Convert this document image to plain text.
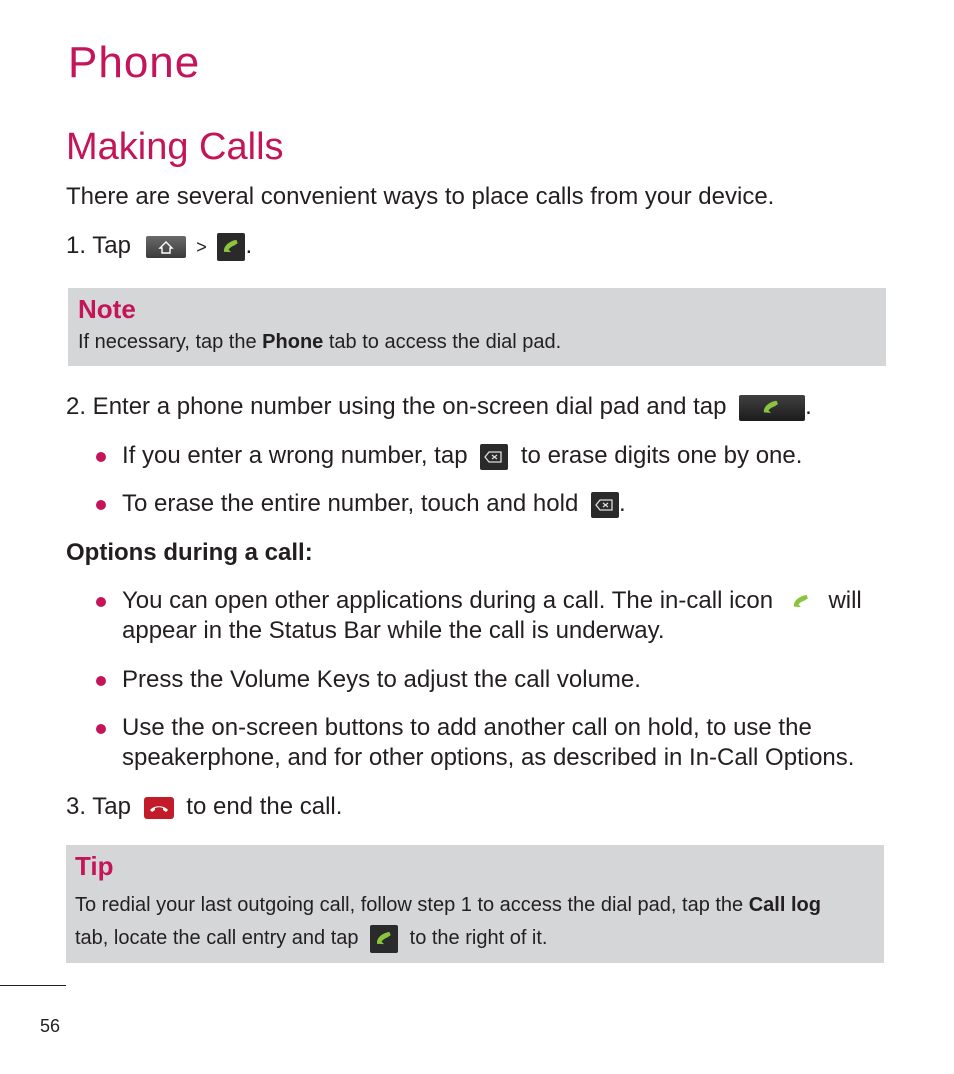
Phone
Making Calls
There are several convenient ways to place calls from your device.
1. Tap	> .
Note
If necessary, tap the Phone tab to access the dial pad.
2. Enter a phone number using the on-screen dial pad and tap	.
If you enter a wrong number, tap to erase digits one by one.
To erase the entire number, touch and hold .
Options during a call:
You can open other applications during a call. The in-call icon will
appear in the Status Bar while the call is underway.
Press the Volume Keys to adjust the call volume.
Use the on-screen buttons to add another call on hold, to use the
speakerphone, and for other options, as described in In-Call Options.
3. Tap to end the call.
Tip
To redial your last outgoing call, follow step 1 to access the dial pad, tap the Call log
tab, locate the call entry and tap	to the right of it.
56
